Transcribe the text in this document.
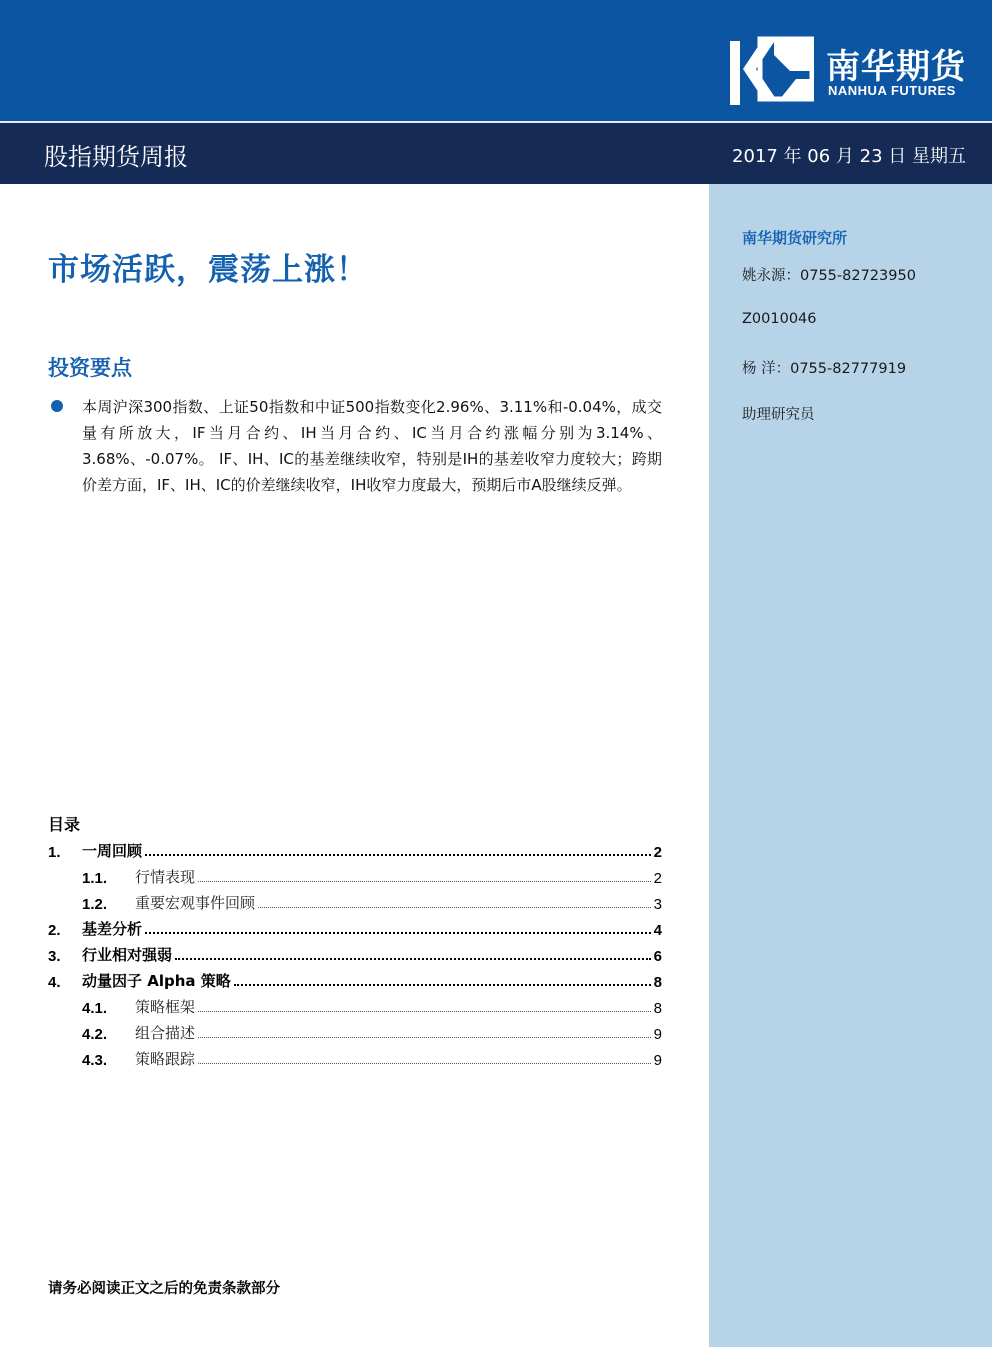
南华期货
NANHUA FUTURES
股指期货周报	2017 年 06 月 23 日 星期五
南华期货研究所
姚永源：0755-82723950
Z0010046
杨 洋：0755-82777919
助理研究员
市场活跃，震荡上涨！
投资要点
本周沪深300指数、上证50指数和中证500指数变化2.96%、3.11%和-0.04%，成交量有所放大，IF当月合约、IH当月合约、IC当月合约涨幅分别为3.14%、3.68%、-0.07%。 IF、IH、IC的基差继续收窄，特别是IH的基差收窄力度较大；跨期价差方面，IF、IH、IC的价差继续收窄，IH收窄力度最大，预期后市A股继续反弹。
目录
1.	一周回顾	2
1.1.	行情表现	2
1.2.	重要宏观事件回顾	3
2.	基差分析	4
3.	行业相对强弱	6
4.	动量因子 Alpha 策略	8
4.1.	策略框架	8
4.2.	组合描述	9
4.3.	策略跟踪	9
请务必阅读正文之后的免责条款部分
